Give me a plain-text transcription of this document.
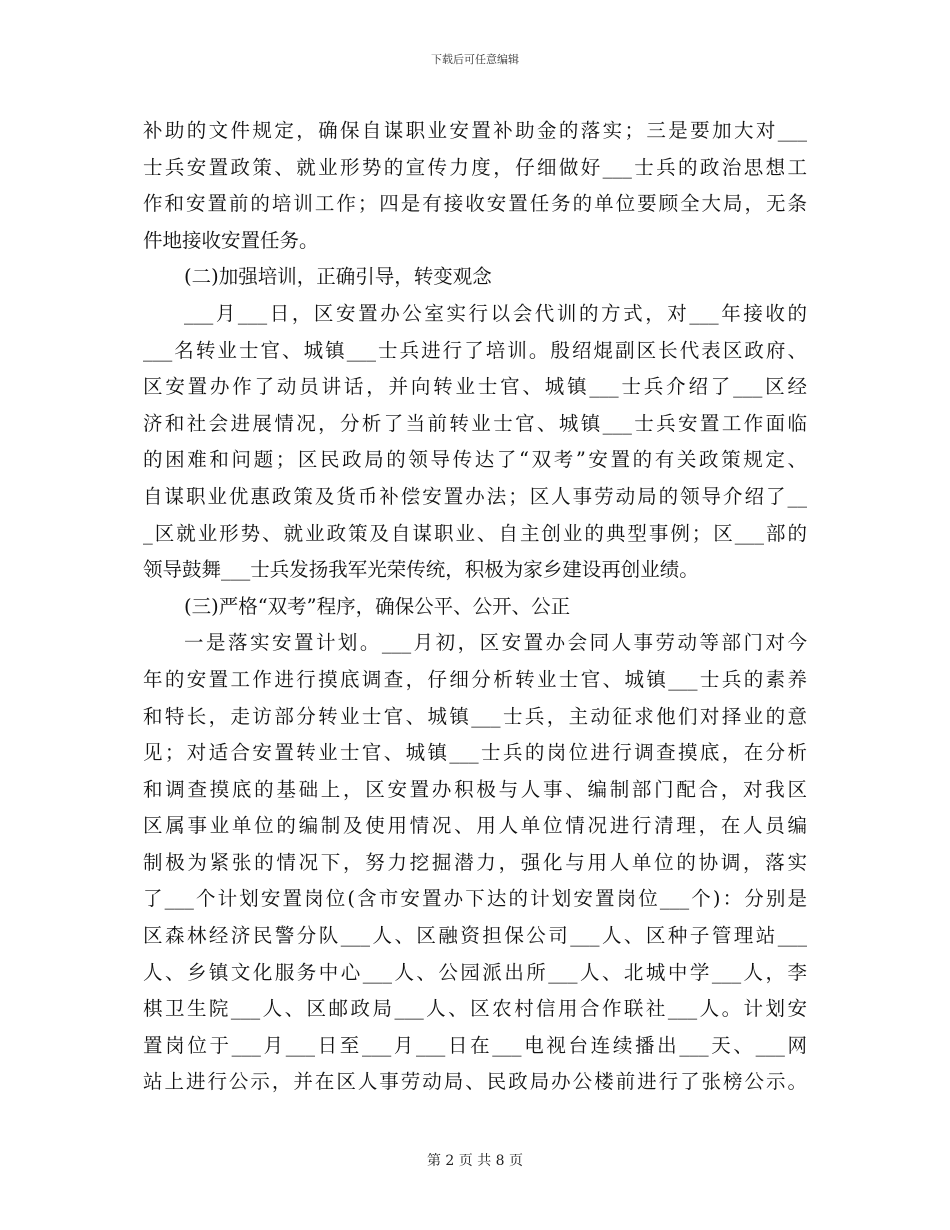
下载后可任意编辑
补助的文件规定，确保自谋职业安置补助金的落实；三是要加大对___
士兵安置政策、就业形势的宣传力度，仔细做好___士兵的政治思想工
作和安置前的培训工作；四是有接收安置任务的单位要顾全大局，无条
件地接收安置任务。
(二)加强培训，正确引导，转变观念
___月___日，区安置办公室实行以会代训的方式，对___年接收的
___名转业士官、城镇___士兵进行了培训。殷绍焜副区长代表区政府、
区安置办作了动员讲话，并向转业士官、城镇___士兵介绍了___区经
济和社会进展情况，分析了当前转业士官、城镇___士兵安置工作面临
的困难和问题；区民政局的领导传达了“双考”安置的有关政策规定、
自谋职业优惠政策及货币补偿安置办法；区人事劳动局的领导介绍了__
_区就业形势、就业政策及自谋职业、自主创业的典型事例；区___部的
领导鼓舞___士兵发扬我军光荣传统，积极为家乡建设再创业绩。
(三)严格“双考”程序，确保公平、公开、公正
一是落实安置计划。___月初，区安置办会同人事劳动等部门对今
年的安置工作进行摸底调查，仔细分析转业士官、城镇___士兵的素养
和特长，走访部分转业士官、城镇___士兵，主动征求他们对择业的意
见；对适合安置转业士官、城镇___士兵的岗位进行调查摸底，在分析
和调查摸底的基础上，区安置办积极与人事、编制部门配合，对我区
区属事业单位的编制及使用情况、用人单位情况进行清理，在人员编
制极为紧张的情况下，努力挖掘潜力，强化与用人单位的协调，落实
了___个计划安置岗位(含市安置办下达的计划安置岗位___个)：分别是
区森林经济民警分队___人、区融资担保公司___人、区种子管理站___
人、乡镇文化服务中心___人、公园派出所___人、北城中学___人，李
棋卫生院___人、区邮政局___人、区农村信用合作联社___人。计划安
置岗位于___月___日至___月___日在___电视台连续播出___天、___网
站上进行公示，并在区人事劳动局、民政局办公楼前进行了张榜公示。
第 2 页 共 8 页
